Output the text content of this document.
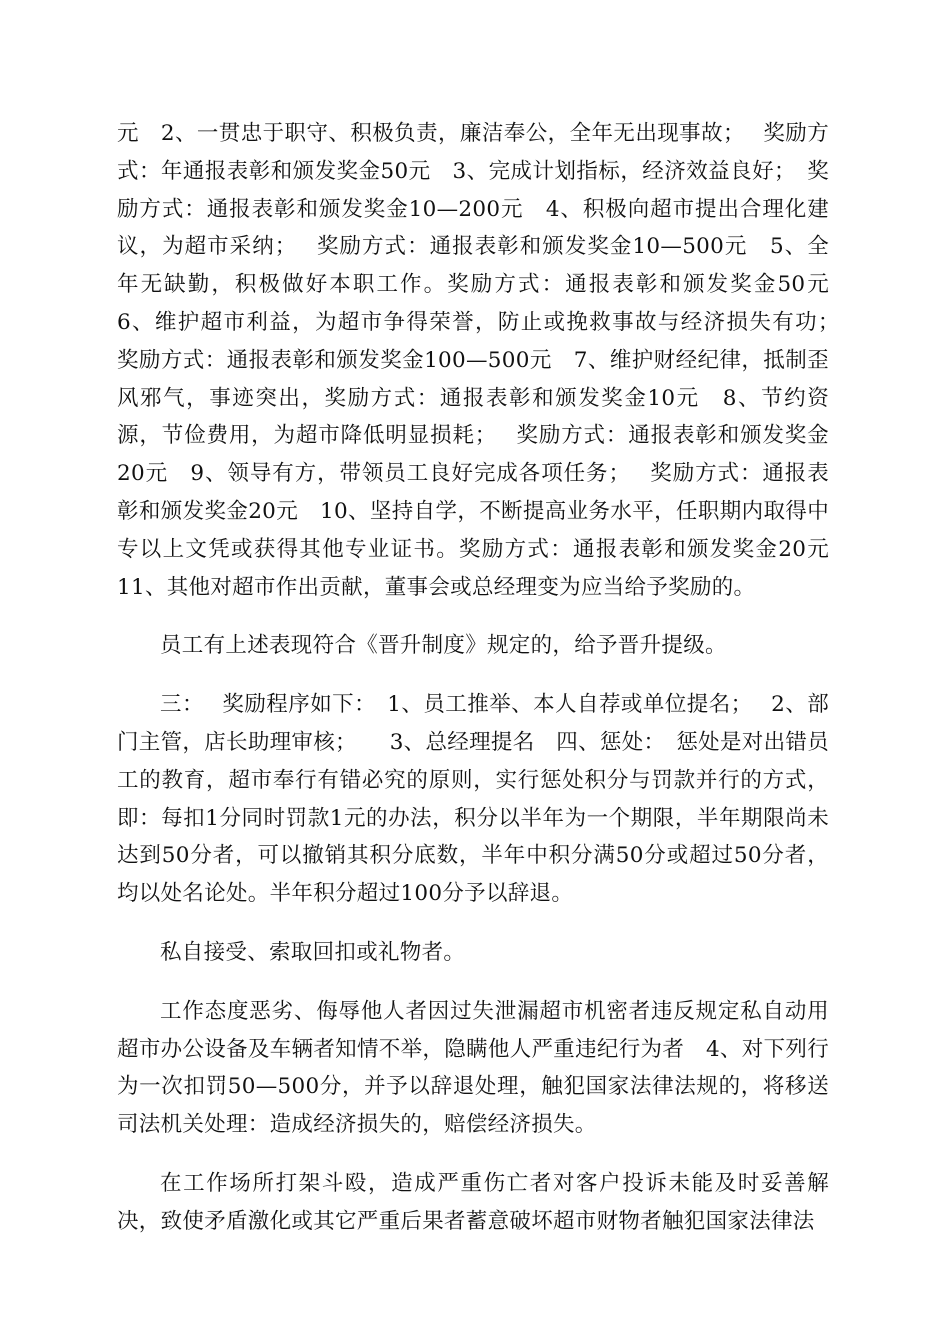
元　2、一贯忠于职守、积极负责，廉洁奉公，全年无出现事故；　 奖励方式：年通报表彰和颁发奖金50元　3、完成计划指标，经济效益良好；　奖励方式：通报表彰和颁发奖金10—200元　4、积极向超市提出合理化建议，为超市采纳；　 奖励方式：通报表彰和颁发奖金10—500元　5、全年无缺勤，积极做好本职工作。奖励方式：通报表彰和颁发奖金50元　6、维护超市利益，为超市争得荣誉，防止或挽救事故与经济损失有功；　奖励方式：通报表彰和颁发奖金100—500元　7、维护财经纪律，抵制歪风邪气，事迹突出，奖励方式：通报表彰和颁发奖金10元　8、节约资源，节俭费用，为超市降低明显损耗；　 奖励方式：通报表彰和颁发奖金20元　9、领导有方，带领员工良好完成各项任务；　 奖励方式：通报表彰和颁发奖金20元　10、坚持自学，不断提高业务水平，任职期内取得中专以上文凭或获得其他专业证书。奖励方式：通报表彰和颁发奖金20元　11、其他对超市作出贡献，董事会或总经理变为应当给予奖励的。

员工有上述表现符合《晋升制度》规定的，给予晋升提级。

三：　 奖励程序如下：　1、员工推举、本人自荐或单位提名；　 2、部门主管，店长助理审核；　　3、总经理提名　四、惩处：　惩处是对出错员工的教育，超市奉行有错必究的原则，实行惩处积分与罚款并行的方式，即：每扣1分同时罚款1元的办法，积分以半年为一个期限，半年期限尚未达到50分者，可以撤销其积分底数，半年中积分满50分或超过50分者，均以处名论处。半年积分超过100分予以辞退。

私自接受、索取回扣或礼物者。

工作态度恶劣、侮辱他人者因过失泄漏超市机密者违反规定私自动用超市办公设备及车辆者知情不举，隐瞒他人严重违纪行为者　4、对下列行为一次扣罚50—500分，并予以辞退处理，触犯国家法律法规的，将移送司法机关处理：造成经济损失的，赔偿经济损失。

在工作场所打架斗殴，造成严重伤亡者对客户投诉未能及时妥善解决，致使矛盾激化或其它严重后果者蓄意破坏超市财物者触犯国家法律法
